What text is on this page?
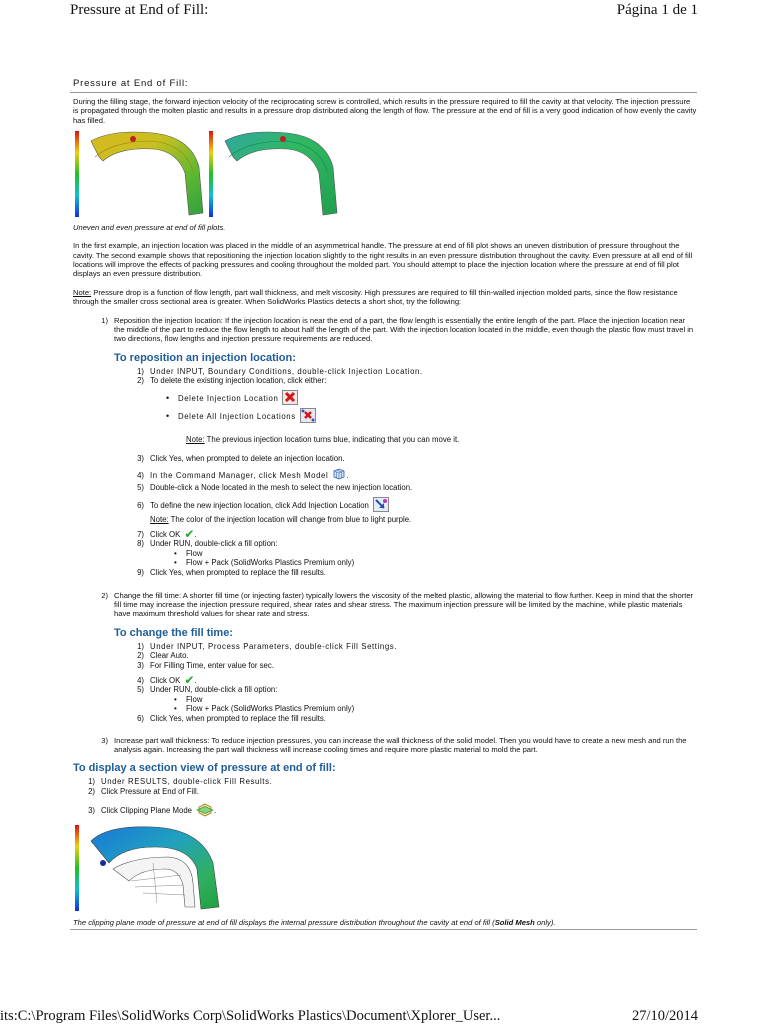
Pressure at End of Fill:	Página 1 de 1
Pressure at End of Fill:

During the filling stage, the forward injection velocity of the reciprocating screw is controlled, which results in the pressure required to fill the cavity at that velocity. The injection pressure is propagated through the molten plastic and results in a pressure drop distributed along the length of flow. The pressure at the end of fill is a very good indication of how evenly the cavity has filled.

Uneven and even pressure at end of fill plots.

In the first example, an injection location was placed in the middle of an asymmetrical handle. The pressure at end of fill plot shows an uneven distribution of pressure throughout the cavity. The second example shows that repositioning the injection location slightly to the right results in an even pressure distribution throughout the cavity. Even pressure at all end of fill locations will improve the effects of packing pressures and cooling throughout the molded part. You should attempt to place the injection location where the pressure at end of fill plot displays an even pressure distribution.

Note: Pressure drop is a function of flow length, part wall thickness, and melt viscosity. High pressures are required to fill thin-walled injection molded parts, since the flow resistance through the smaller cross sectional area is greater. When SolidWorks Plastics detects a short shot, try the following:

1) Reposition the injection location: If the injection location is near the end of a part, the flow length is essentially the entire length of the part. Place the injection location near the middle of the part to reduce the flow length to about half the length of the part. With the injection location located in the middle, even though the plastic flow must travel in two directions, flow lengths and injection pressure requirements are reduced.

To reposition an injection location:
1) Under INPUT, Boundary Conditions, double-click Injection Location.
2) To delete the existing injection location, click either:
•	Delete Injection Location
•	Delete All Injection Locations
Note: The previous injection location turns blue, indicating that you can move it.
3) Click Yes, when prompted to delete an injection location.
4) In the Command Manager, click Mesh Model .
5) Double-click a Node located in the mesh to select the new injection location.
6) To define the new injection location, click Add Injection Location
Note: The color of the injection location will change from blue to light purple.
7) Click OK ✔ .
8) Under RUN, double-click a fill option:
•	Flow
•	Flow + Pack (SolidWorks Plastics Premium only)
9) Click Yes, when prompted to replace the fill results.
2) Change the fill time: A shorter fill time (or injecting faster) typically lowers the viscosity of the melted plastic, allowing the material to flow further. Keep in mind that the shorter fill time may increase the injection pressure required, shear rates and shear stress. The maximum injection pressure will be limited by the machine, while plastic materials have maximum threshold values for shear rate and stress.

To change the fill time:
1) Under INPUT, Process Parameters, double-click Fill Settings.
2) Clear Auto.
3) For Filling Time, enter value for sec.
4) Click OK ✔ .
5) Under RUN, double-click a fill option:
•	Flow
•	Flow + Pack (SolidWorks Plastics Premium only)
6) Click Yes, when prompted to replace the fill results.
3) Increase part wall thickness: To reduce injection pressures, you can increase the wall thickness of the solid model. Then you would have to create a new mesh and run the analysis again. Increasing the part wall thickness will increase cooling times and require more plastic material to mold the part.

To display a section view of pressure at end of fill:
1) Under RESULTS, double-click Fill Results.
2) Click Pressure at End of Fill.
3) Click Clipping Plane Mode	.
The clipping plane mode of pressure at end of fill displays the internal pressure distribution throughout the cavity at end of fill (Solid Mesh only).
its:C:\Program Files\SolidWorks Corp\SolidWorks Plastics\Document\Xplorer_User...	27/10/2014
